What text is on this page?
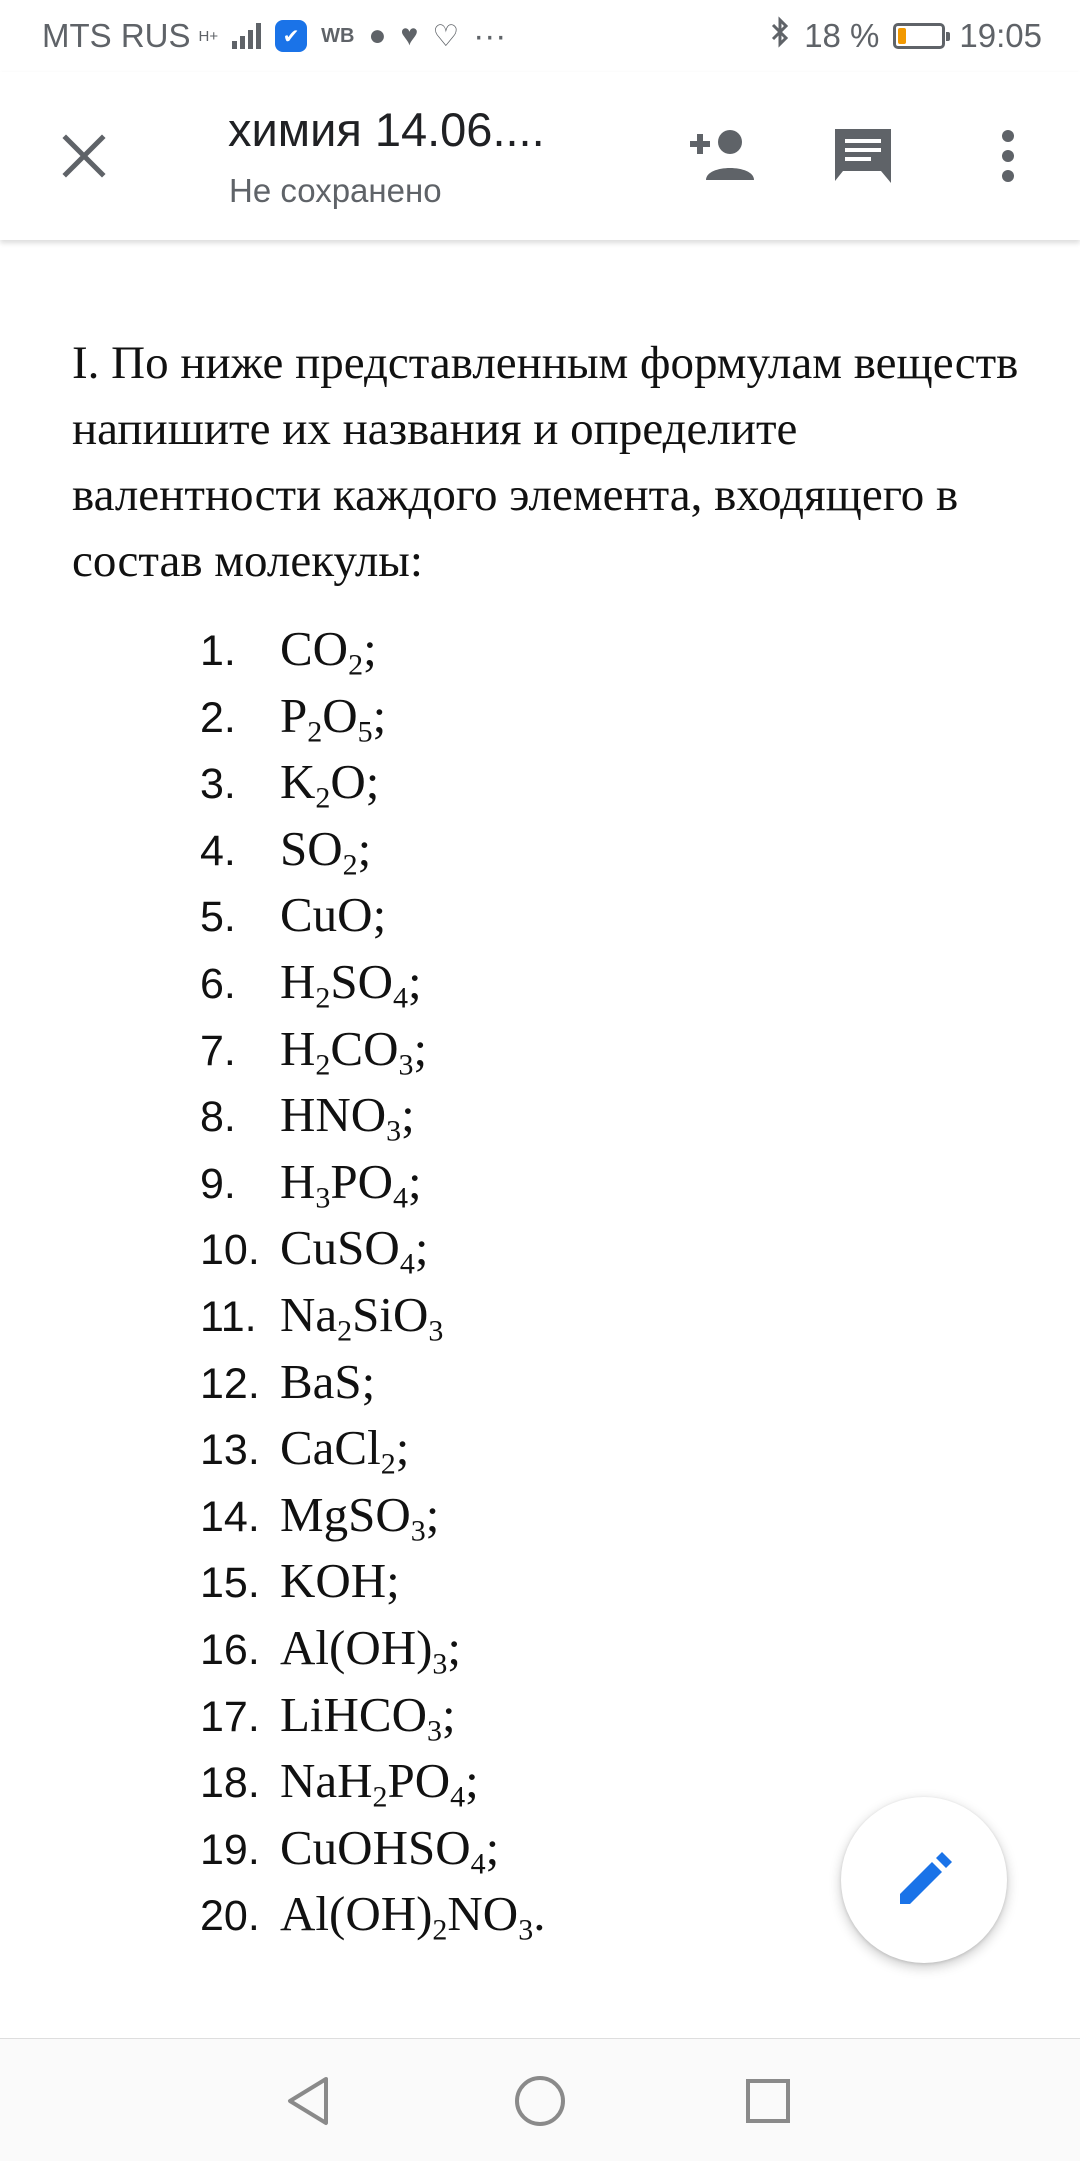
MTS RUS H+	✔	WB ● ♥ ♡ ···	18 % 19:05
химия 14.06....
Не сохранено

I. По ниже представленным формулам веществ напишите их названия и определите валентности каждого элемента, входящего в состав молекулы:

1. $CO_2$;
2. $P_2O_5$;
3. $K_2O$;
4. $SO_2$;
5. CuO;
6. $H_2SO_4$;
7. $H_2CO_3$;
8. $HNO_3$;
9. $H_3PO_4$;
10. CuSO$_4$;
11. $Na_2SiO_3$
12. BaS;
13. CaCl$_2$;
14. MgSO$_3$;
15. KOH;
16. $Al(OH)_3$;
17. LiHCO$_3$;
18. $NaH_2PO_4$;
19. CuOHSO$_4$;
20. $Al(OH)_2NO_3$.
